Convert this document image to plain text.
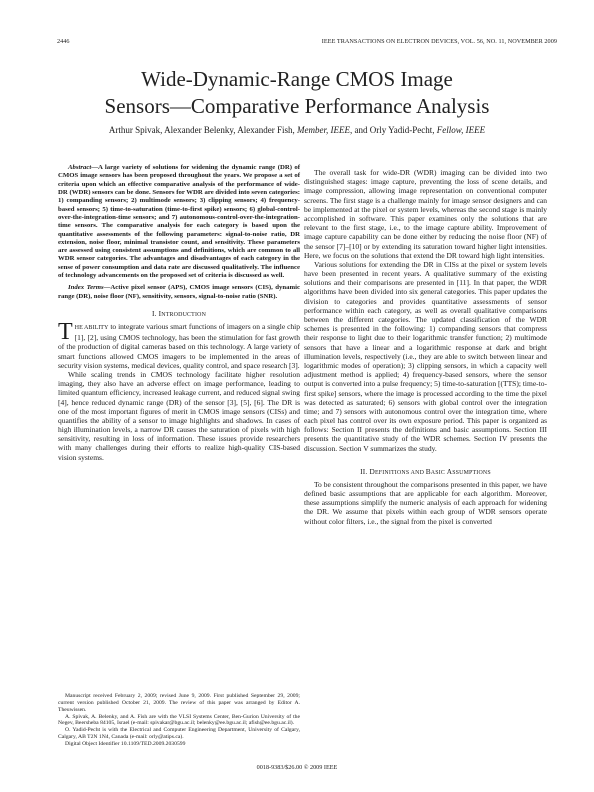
2446	IEEE TRANSACTIONS ON ELECTRON DEVICES, VOL. 56, NO. 11, NOVEMBER 2009
Wide-Dynamic-Range CMOS Image
Sensors—Comparative Performance Analysis
Arthur Spivak, Alexander Belenky, Alexander Fish, Member, IEEE, and Orly Yadid-Pecht, Fellow, IEEE

Abstract—A large variety of solutions for widening the dynamic range (DR) of CMOS image sensors has been proposed throughout the years. We propose a set of criteria upon which an effective comparative analysis of the performance of wide-DR (WDR) sensors can be done. Sensors for WDR are divided into seven categories: 1) companding sensors; 2) multimode sensors; 3) clipping sensors; 4) frequency-based sensors; 5) time-to-saturation (time-to-first spike) sensors; 6) global-control-over-the-integration-time sensors; and 7) autonomous-control-over-the-integration-time sensors. The comparative analysis for each category is based upon the quantitative assessments of the following parameters: signal-to-noise ratio, DR extension, noise floor, minimal transistor count, and sensitivity. These parameters are assessed using consistent assumptions and definitions, which are common to all WDR sensor categories. The advantages and disadvantages of each category in the sense of power consumption and data rate are discussed qualitatively. The influence of technology advancements on the proposed set of criteria is discussed as well.

Index Terms—Active pixel sensor (APS), CMOS image sensors (CIS), dynamic range (DR), noise floor (NF), sensitivity, sensors, signal-to-noise ratio (SNR).

I. INTRODUCTION

THE ABILITY to integrate various smart functions of imagers on a single chip [1], [2], using CMOS technology, has been the stimulation for fast growth of the production of digital cameras based on this technology. A large variety of smart functions allowed CMOS imagers to be implemented in the areas of security vision systems, medical devices, quality control, and space research [3].

While scaling trends in CMOS technology facilitate higher resolution imaging, they also have an adverse effect on image performance, leading to limited quantum efficiency, increased leakage current, and reduced signal swing [4], hence reduced dynamic range (DR) of the sensor [3], [5], [6]. The DR is one of the most important figures of merit in CMOS image sensors (CISs) and quantifies the ability of a sensor to image highlights and shadows. In cases of high illumination levels, a narrow DR causes the saturation of pixels with high sensitivity, resulting in loss of information. These issues provide researchers with many challenges during their efforts to realize high-quality CIS-based vision systems.

Manuscript received February 2, 2009; revised June 9, 2009. First published September 29, 2009; current version published October 21, 2009. The review of this paper was arranged by Editor A. Theuwissen.

A. Spivak, A. Belenky, and A. Fish are with the VLSI Systems Center, Ben-Gurion University of the Negev, Beersheba 84105, Israel (e-mail: spivakar@bgu.ac.il; belenky@ee.bgu.ac.il; afish@ee.bgu.ac.il).

O. Yadid-Pecht is with the Electrical and Computer Engineering Department, University of Calgary, Calgary, AB T2N 1N4, Canada (e-mail: orly@atips.ca).

Digital Object Identifier 10.1109/TED.2009.2030599

The overall task for wide-DR (WDR) imaging can be divided into two distinguished stages: image capture, preventing the loss of scene details, and image compression, allowing image representation on conventional computer screens. The first stage is a challenge mainly for image sensor designers and can be implemented at the pixel or system levels, whereas the second stage is mainly accomplished in software. This paper examines only the solutions that are relevant to the first stage, i.e., to the image capture ability. Improvement of image capture capability can be done either by reducing the noise floor (NF) of the sensor [7]–[10] or by extending its saturation toward higher light intensities. Here, we focus on the solutions that extend the DR toward high light intensities.

Various solutions for extending the DR in CISs at the pixel or system levels have been presented in recent years. A qualitative summary of the existing solutions and their comparisons are presented in [11]. In that paper, the WDR algorithms have been divided into six general categories. This paper updates the division to categories and provides quantitative assessments of sensor performance within each category, as well as overall qualitative comparisons between the different categories. The updated classification of the WDR schemes is presented in the following: 1) companding sensors that compress their response to light due to their logarithmic transfer function; 2) multimode sensors that have a linear and a logarithmic response at dark and bright illumination levels, respectively (i.e., they are able to switch between linear and logarithmic modes of operation); 3) clipping sensors, in which a capacity well adjustment method is applied; 4) frequency-based sensors, where the sensor output is converted into a pulse frequency; 5) time-to-saturation [(TTS); time-to-first spike] sensors, where the image is processed according to the time the pixel was detected as saturated; 6) sensors with global control over the integration time; and 7) sensors with autonomous control over the integration time, where each pixel has control over its own exposure period. This paper is organized as follows: Section II presents the definitions and basic assumptions. Section III presents the quantitative study of the WDR schemes. Section IV presents the discussion. Section V summarizes the study.

II. DEFINITIONS AND BASIC ASSUMPTIONS

To be consistent throughout the comparisons presented in this paper, we have defined basic assumptions that are applicable for each algorithm. Moreover, these assumptions simplify the numeric analysis of each approach for widening the DR. We assume that pixels within each group of WDR sensors operate without color filters, i.e., the signal from the pixel is converted

0018-9383/$26.00 © 2009 IEEE
